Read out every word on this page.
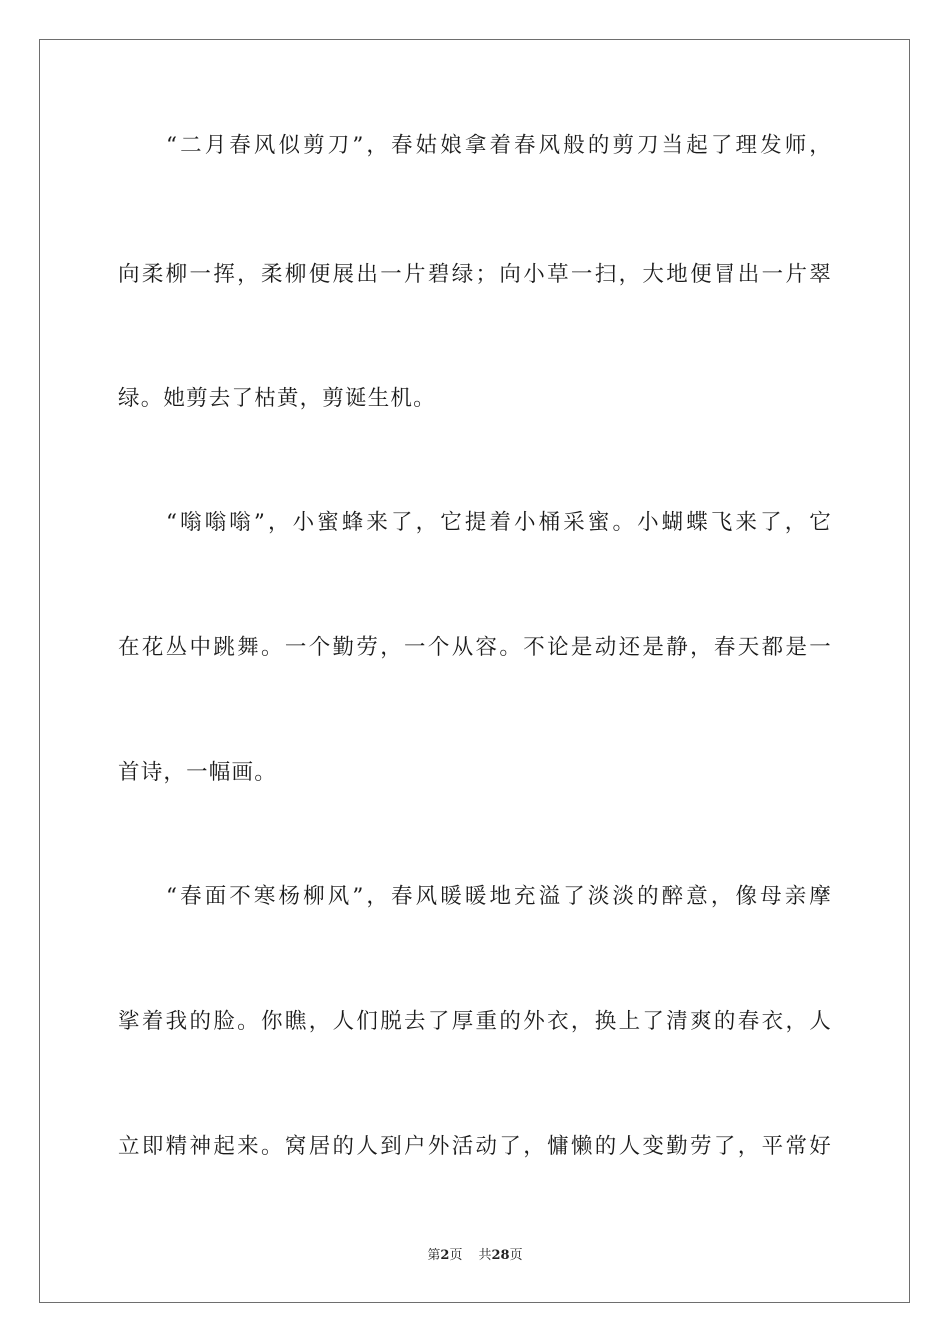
“二月春风似剪刀”，春姑娘拿着春风般的剪刀当起了理发师，
向柔柳一挥，柔柳便展出一片碧绿；向小草一扫，大地便冒出一片翠
绿。她剪去了枯黄，剪诞生机。
“嗡嗡嗡”，小蜜蜂来了，它提着小桶采蜜。小蝴蝶飞来了，它
在花丛中跳舞。一个勤劳，一个从容。不论是动还是静，春天都是一
首诗，一幅画。
“春面不寒杨柳风”，春风暖暖地充溢了淡淡的醉意，像母亲摩
挲着我的脸。你瞧，人们脱去了厚重的外衣，换上了清爽的春衣，人
立即精神起来。窝居的人到户外活动了，慵懒的人变勤劳了，平常好
第2页 共28页
